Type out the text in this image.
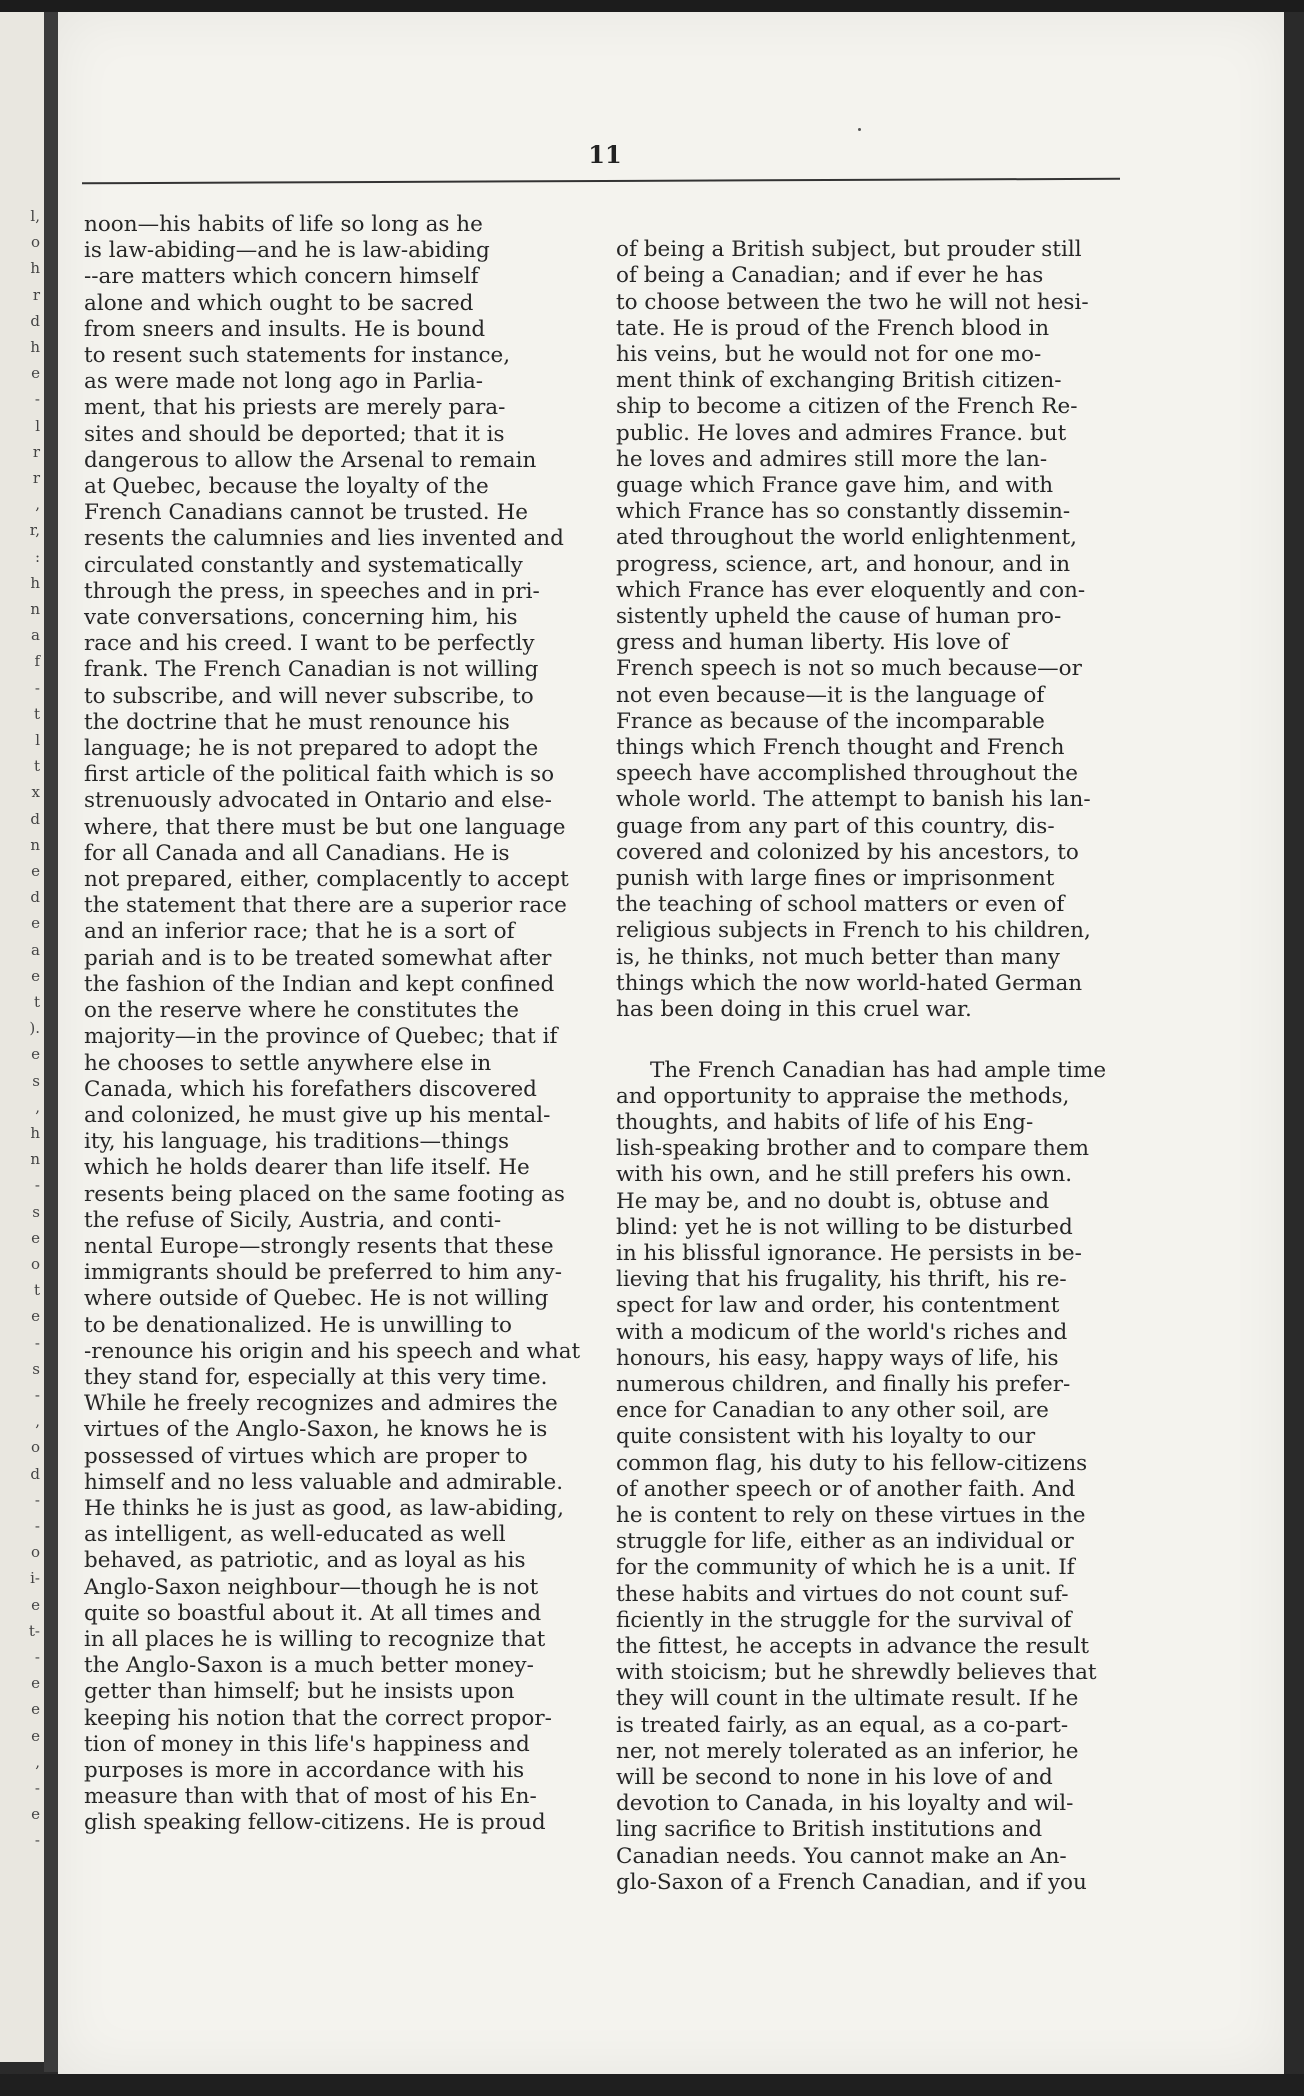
l,
o
h
r
d
h
e
-
l
r
r
,
r,
:
h
n
a
f
-
t
l
t
x
d
n
e
d
e
a
e
t
).
e
s
,
h
n
-
s
e
o
t
e
-
s
-
,
o
d
-
-
o
i-
e
t-
-
e
e
e
,
-
e
-
11
noon—his habits of life so long as he
is law-abiding—and he is law-abiding
--are matters which concern himself
alone and which ought to be sacred
from sneers and insults. He is bound
to resent such statements for instance,
as were made not long ago in Parlia-
ment, that his priests are merely para-
sites and should be deported; that it is
dangerous to allow the Arsenal to remain
at Quebec, because the loyalty of the
French Canadians cannot be trusted. He
resents the calumnies and lies invented and
circulated constantly and systematically
through the press, in speeches and in pri-
vate conversations, concerning him, his
race and his creed. I want to be perfectly
frank. The French Canadian is not willing
to subscribe, and will never subscribe, to
the doctrine that he must renounce his
language; he is not prepared to adopt the
first article of the political faith which is so
strenuously advocated in Ontario and else-
where, that there must be but one language
for all Canada and all Canadians. He is
not prepared, either, complacently to accept
the statement that there are a superior race
and an inferior race; that he is a sort of
pariah and is to be treated somewhat after
the fashion of the Indian and kept confined
on the reserve where he constitutes the
majority—in the province of Quebec; that if
he chooses to settle anywhere else in
Canada, which his forefathers discovered
and colonized, he must give up his mental-
ity, his language, his traditions—things
which he holds dearer than life itself. He
resents being placed on the same footing as
the refuse of Sicily, Austria, and conti-
nental Europe—strongly resents that these
immigrants should be preferred to him any-
where outside of Quebec. He is not willing
to be denationalized. He is unwilling to
-renounce his origin and his speech and what
they stand for, especially at this very time.
While he freely recognizes and admires the
virtues of the Anglo-Saxon, he knows he is
possessed of virtues which are proper to
himself and no less valuable and admirable.
He thinks he is just as good, as law-abiding,
as intelligent, as well-educated as well
behaved, as patriotic, and as loyal as his
Anglo-Saxon neighbour—though he is not
quite so boastful about it. At all times and
in all places he is willing to recognize that
the Anglo-Saxon is a much better money-
getter than himself; but he insists upon
keeping his notion that the correct propor-
tion of money in this life's happiness and
purposes is more in accordance with his
measure than with that of most of his En-
glish speaking fellow-citizens. He is proud

of being a British subject, but prouder still
of being a Canadian; and if ever he has
to choose between the two he will not hesi-
tate. He is proud of the French blood in
his veins, but he would not for one mo-
ment think of exchanging British citizen-
ship to become a citizen of the French Re-
public. He loves and admires France. but
he loves and admires still more the lan-
guage which France gave him, and with
which France has so constantly dissemin-
ated throughout the world enlightenment,
progress, science, art, and honour, and in
which France has ever eloquently and con-
sistently upheld the cause of human pro-
gress and human liberty. His love of
French speech is not so much because—or
not even because—it is the language of
France as because of the incomparable
things which French thought and French
speech have accomplished throughout the
whole world. The attempt to banish his lan-
guage from any part of this country, dis-
covered and colonized by his ancestors, to
punish with large fines or imprisonment
the teaching of school matters or even of
religious subjects in French to his children,
is, he thinks, not much better than many
things which the now world-hated German
has been doing in this cruel war.

The French Canadian has had ample time
and opportunity to appraise the methods,
thoughts, and habits of life of his Eng-
lish-speaking brother and to compare them
with his own, and he still prefers his own.
He may be, and no doubt is, obtuse and
blind: yet he is not willing to be disturbed
in his blissful ignorance. He persists in be-
lieving that his frugality, his thrift, his re-
spect for law and order, his contentment
with a modicum of the world's riches and
honours, his easy, happy ways of life, his
numerous children, and finally his prefer-
ence for Canadian to any other soil, are
quite consistent with his loyalty to our
common flag, his duty to his fellow-citizens
of another speech or of another faith. And
he is content to rely on these virtues in the
struggle for life, either as an individual or
for the community of which he is a unit. If
these habits and virtues do not count suf-
ficiently in the struggle for the survival of
the fittest, he accepts in advance the result
with stoicism; but he shrewdly believes that
they will count in the ultimate result. If he
is treated fairly, as an equal, as a co-part-
ner, not merely tolerated as an inferior, he
will be second to none in his love of and
devotion to Canada, in his loyalty and wil-
ling sacrifice to British institutions and
Canadian needs. You cannot make an An-
glo-Saxon of a French Canadian, and if you
